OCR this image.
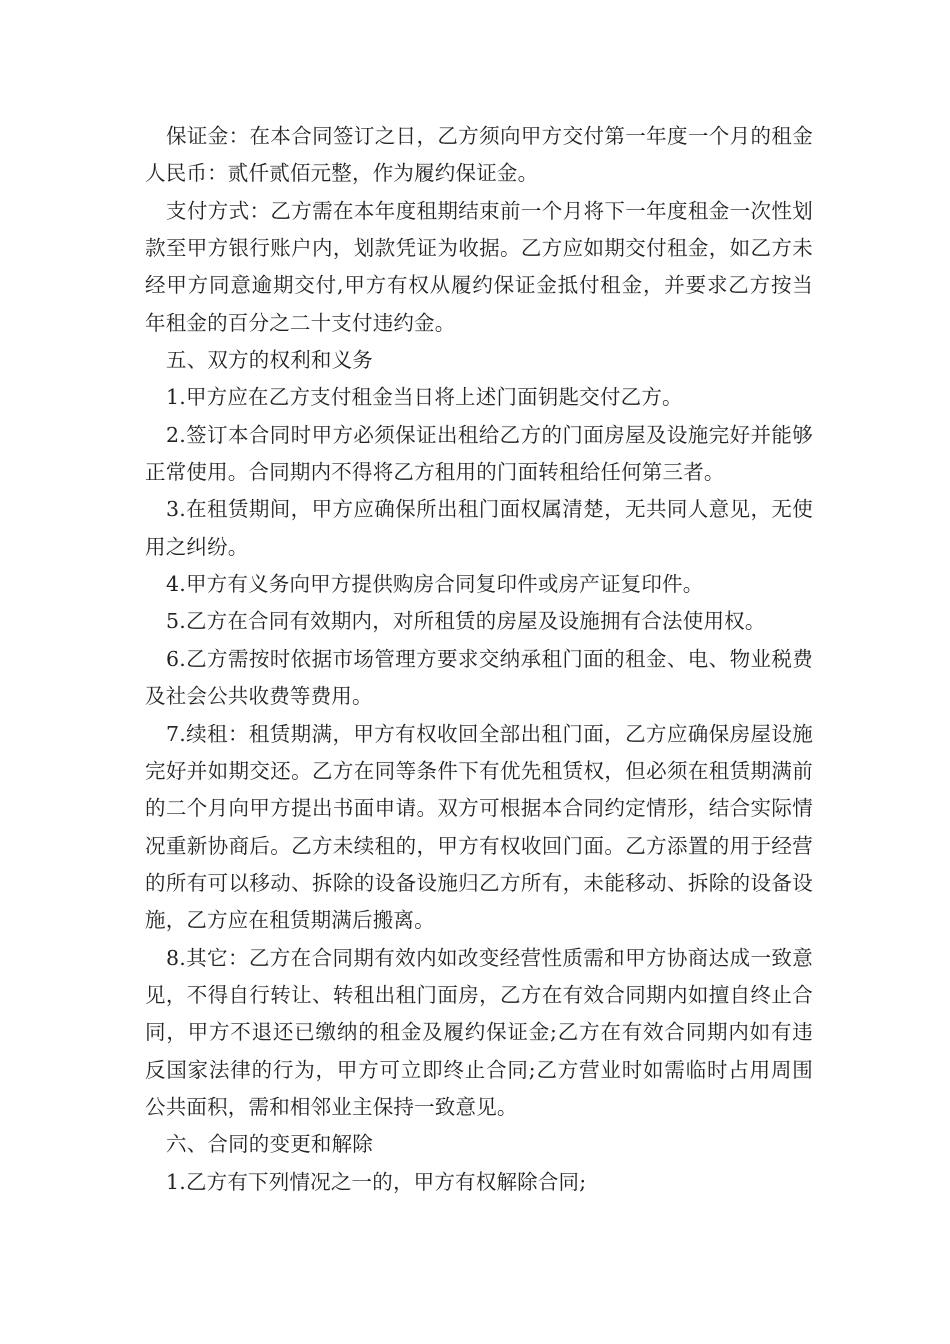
保证金：在本合同签订之日，乙方须向甲方交付第一年度一个月的租金人民币：贰仟贰佰元整，作为履约保证金。

支付方式：乙方需在本年度租期结束前一个月将下一年度租金一次性划款至甲方银行账户内，划款凭证为收据。乙方应如期交付租金，如乙方未经甲方同意逾期交付,甲方有权从履约保证金抵付租金，并要求乙方按当年租金的百分之二十支付违约金。

五、双方的权利和义务

1.甲方应在乙方支付租金当日将上述门面钥匙交付乙方。

2.签订本合同时甲方必须保证出租给乙方的门面房屋及设施完好并能够正常使用。合同期内不得将乙方租用的门面转租给任何第三者。

3.在租赁期间，甲方应确保所出租门面权属清楚，无共同人意见，无使用之纠纷。

4.甲方有义务向甲方提供购房合同复印件或房产证复印件。

5.乙方在合同有效期内，对所租赁的房屋及设施拥有合法使用权。

6.乙方需按时依据市场管理方要求交纳承租门面的租金、电、物业税费及社会公共收费等费用。

7.续租：租赁期满，甲方有权收回全部出租门面，乙方应确保房屋设施完好并如期交还。乙方在同等条件下有优先租赁权，但必须在租赁期满前的二个月向甲方提出书面申请。双方可根据本合同约定情形，结合实际情况重新协商后。乙方未续租的，甲方有权收回门面。乙方添置的用于经营的所有可以移动、拆除的设备设施归乙方所有，未能移动、拆除的设备设施，乙方应在租赁期满后搬离。

8.其它：乙方在合同期有效内如改变经营性质需和甲方协商达成一致意见，不得自行转让、转租出租门面房，乙方在有效合同期内如擅自终止合同，甲方不退还已缴纳的租金及履约保证金;乙方在有效合同期内如有违反国家法律的行为，甲方可立即终止合同;乙方营业时如需临时占用周围公共面积，需和相邻业主保持一致意见。

六、合同的变更和解除

1.乙方有下列情况之一的，甲方有权解除合同;
